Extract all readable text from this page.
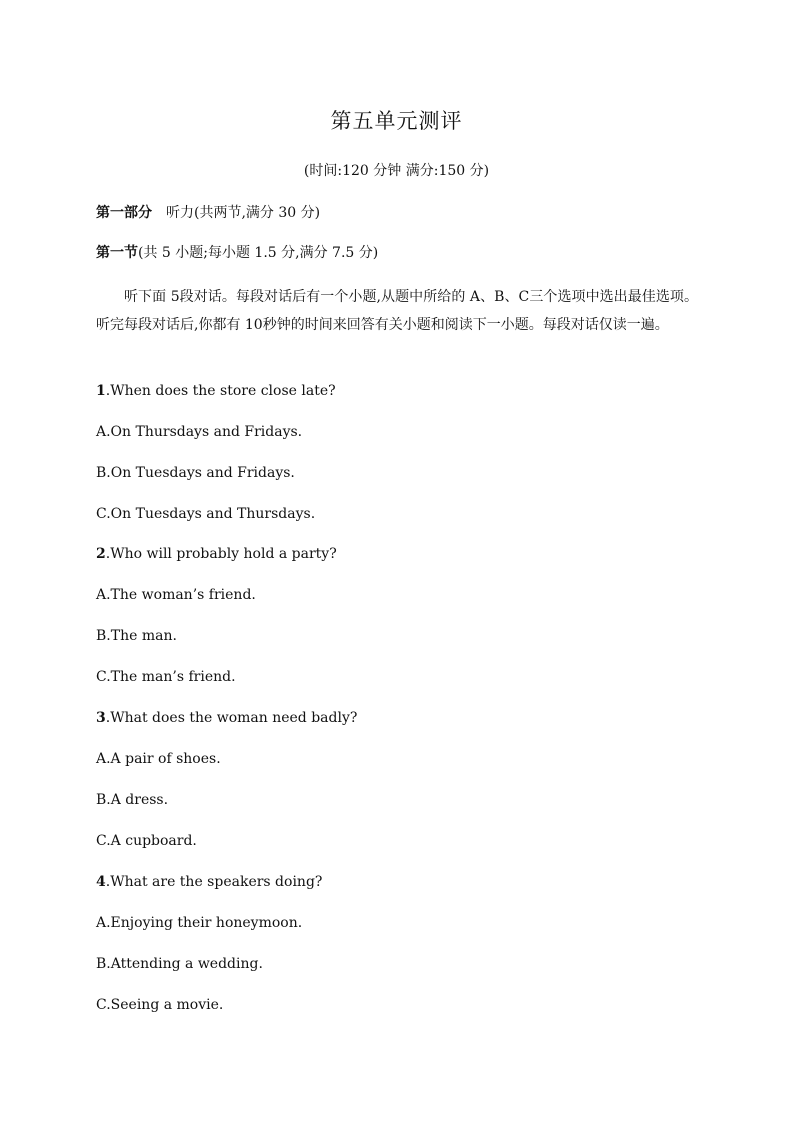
第五单元测评
(时间:120 分钟 满分:150 分)
第一部分 听力(共两节,满分 30 分)
第一节(共 5 小题;每小题 1.5 分,满分 7.5 分)
听下面 5段对话。每段对话后有一个小题,从题中所给的 A、B、C三个选项中选出最佳选项。听完每段对话后,你都有 10秒钟的时间来回答有关小题和阅读下一小题。每段对话仅读一遍。
1.When does the store close late?
A.On Thursdays and Fridays.
B.On Tuesdays and Fridays.
C.On Tuesdays and Thursdays.
2.Who will probably hold a party?
A.The woman’s friend.
B.The man.
C.The man’s friend.
3.What does the woman need badly?
A.A pair of shoes.
B.A dress.
C.A cupboard.
4.What are the speakers doing?
A.Enjoying their honeymoon.
B.Attending a wedding.
C.Seeing a movie.
